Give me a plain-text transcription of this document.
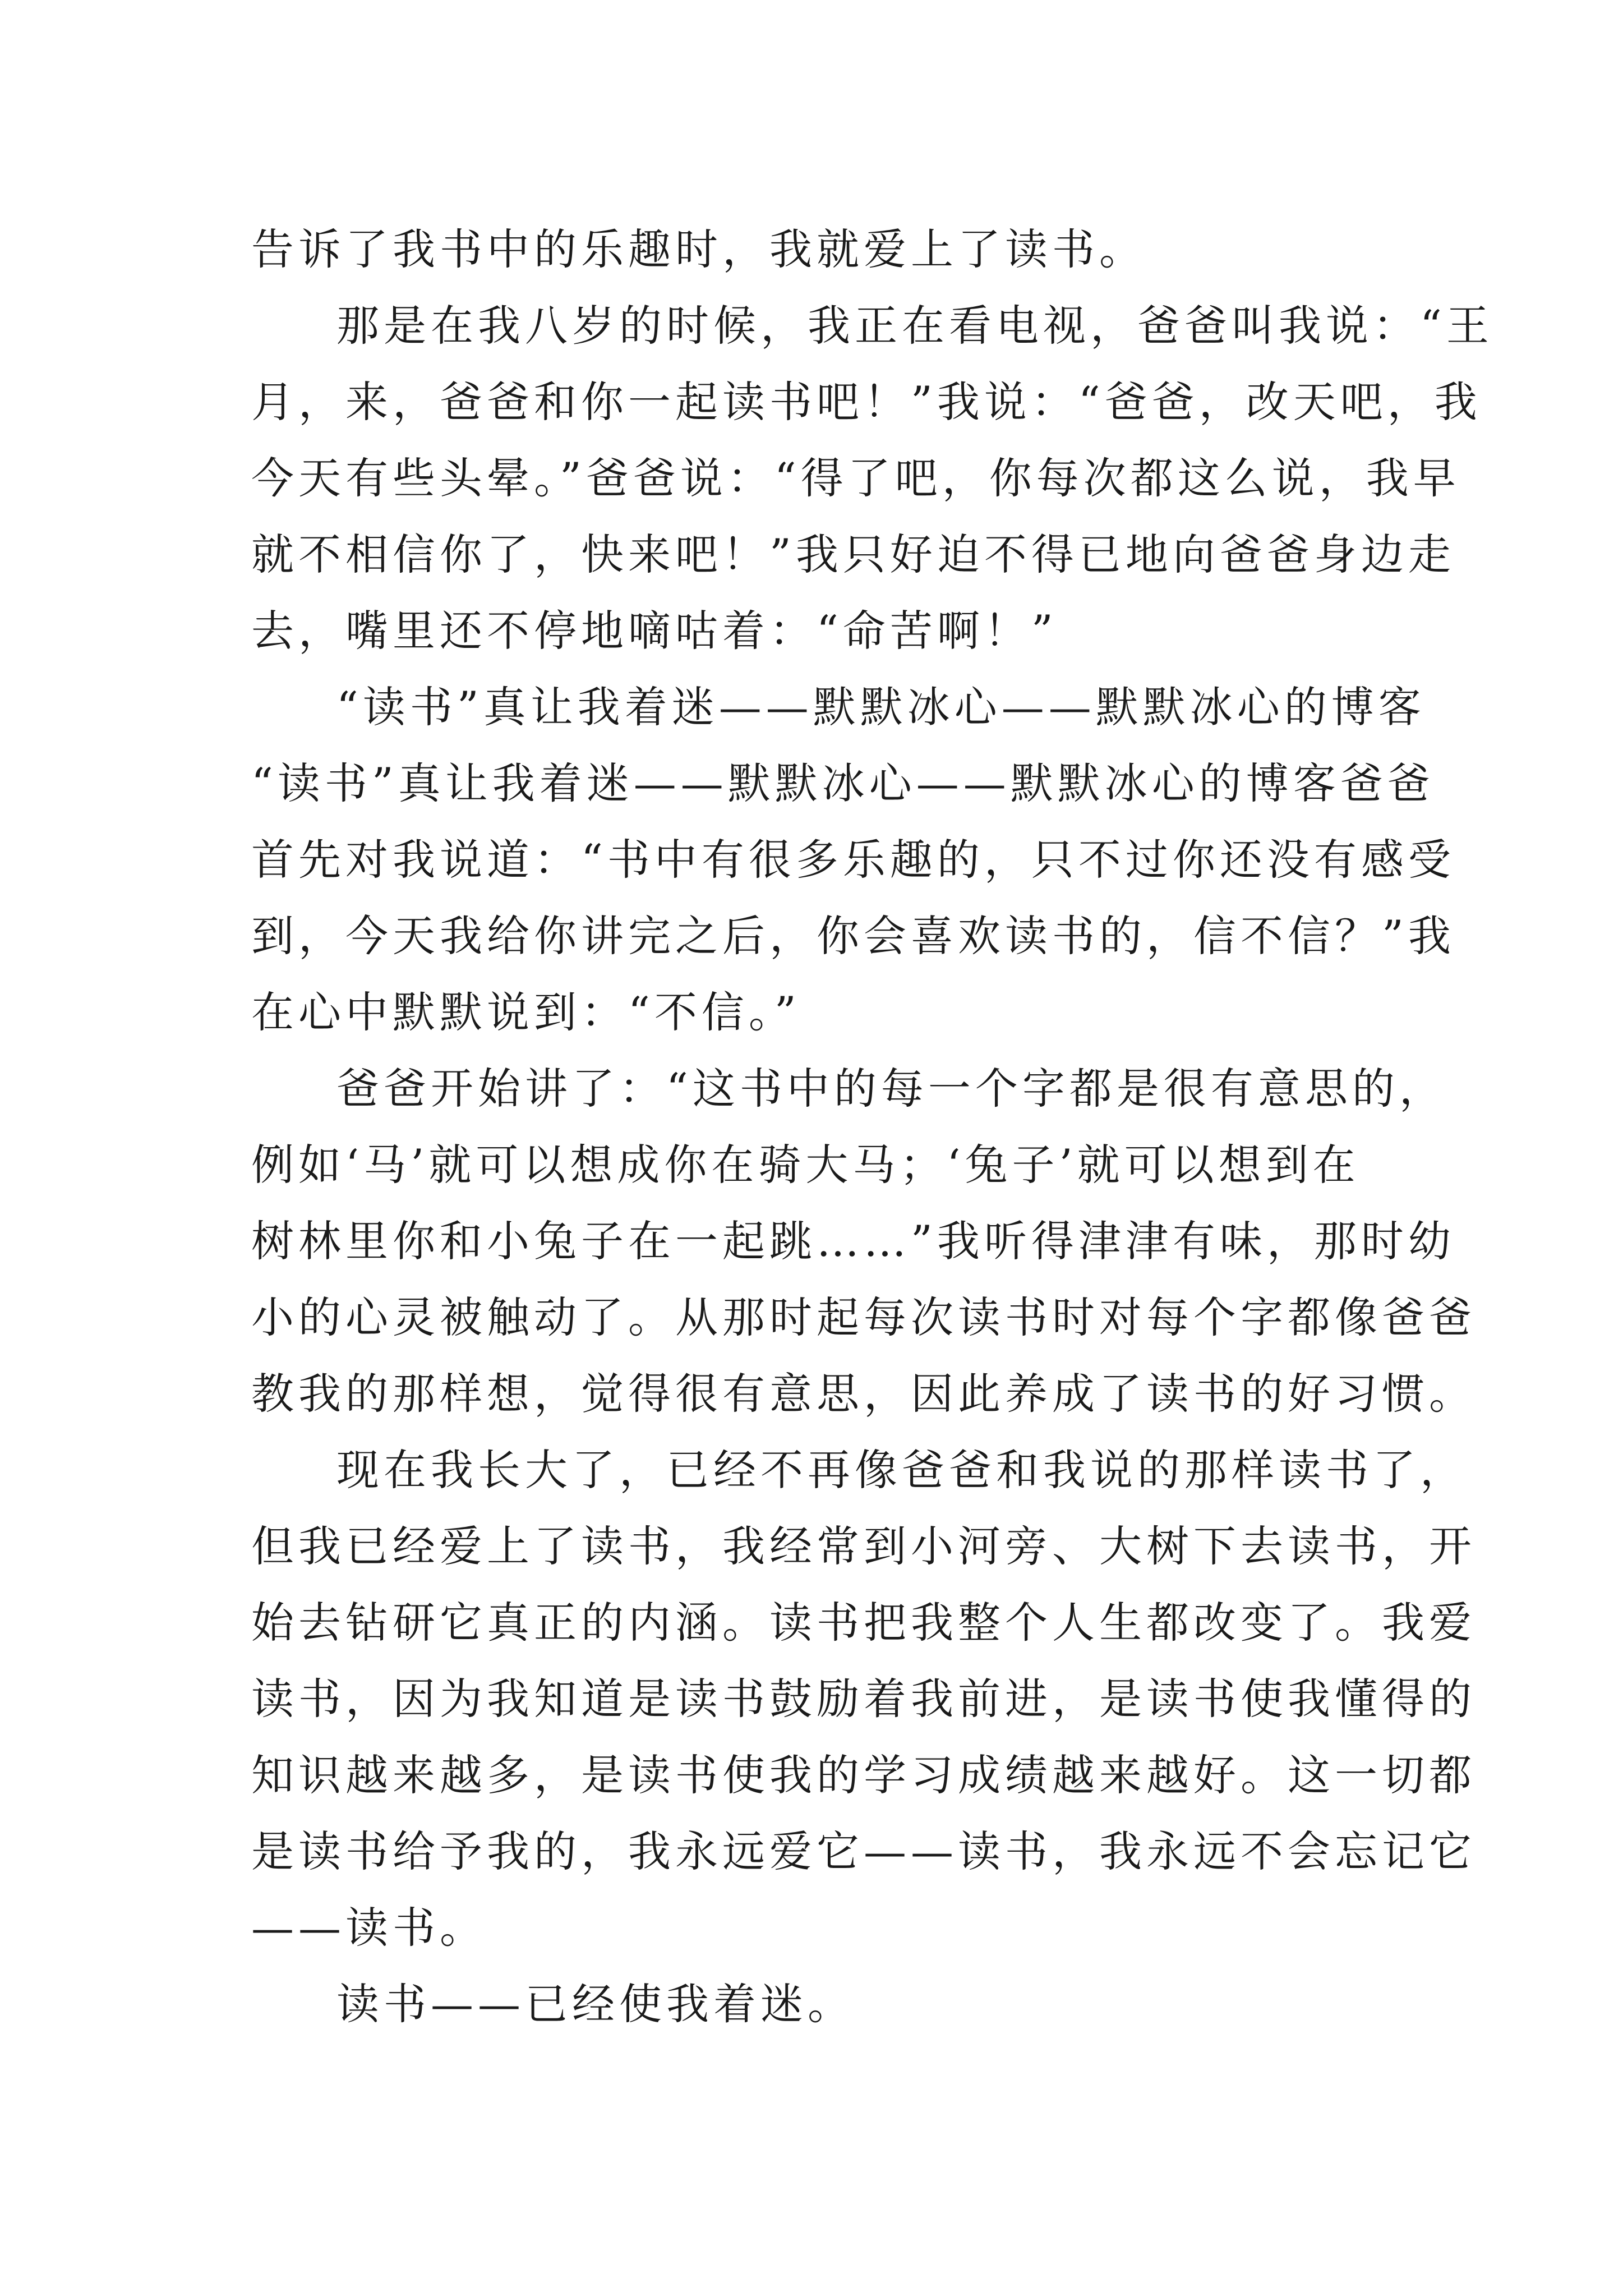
告诉了我书中的乐趣时，我就爱上了读书。
那是在我八岁的时候，我正在看电视，爸爸叫我说：“王
月，来，爸爸和你一起读书吧！”我说：“爸爸，改天吧，我
今天有些头晕。”爸爸说：“得了吧，你每次都这么说，我早
就不相信你了，快来吧！”我只好迫不得已地向爸爸身边走
去，嘴里还不停地嘀咕着：“命苦啊！”
“读书”真让我着迷——默默冰心——默默冰心的博客
“读书”真让我着迷——默默冰心——默默冰心的博客爸爸
首先对我说道：“书中有很多乐趣的，只不过你还没有感受
到，今天我给你讲完之后，你会喜欢读书的，信不信？”我
在心中默默说到：“不信。”
爸爸开始讲了：“这书中的每一个字都是很有意思的，
例如‘马’就可以想成你在骑大马；‘兔子’就可以想到在
树林里你和小兔子在一起跳……”我听得津津有味，那时幼
小的心灵被触动了。从那时起每次读书时对每个字都像爸爸
教我的那样想，觉得很有意思，因此养成了读书的好习惯。
现在我长大了，已经不再像爸爸和我说的那样读书了，
但我已经爱上了读书，我经常到小河旁、大树下去读书，开
始去钻研它真正的内涵。读书把我整个人生都改变了。我爱
读书，因为我知道是读书鼓励着我前进，是读书使我懂得的
知识越来越多，是读书使我的学习成绩越来越好。这一切都
是读书给予我的，我永远爱它——读书，我永远不会忘记它
——读书。
读书——已经使我着迷。
